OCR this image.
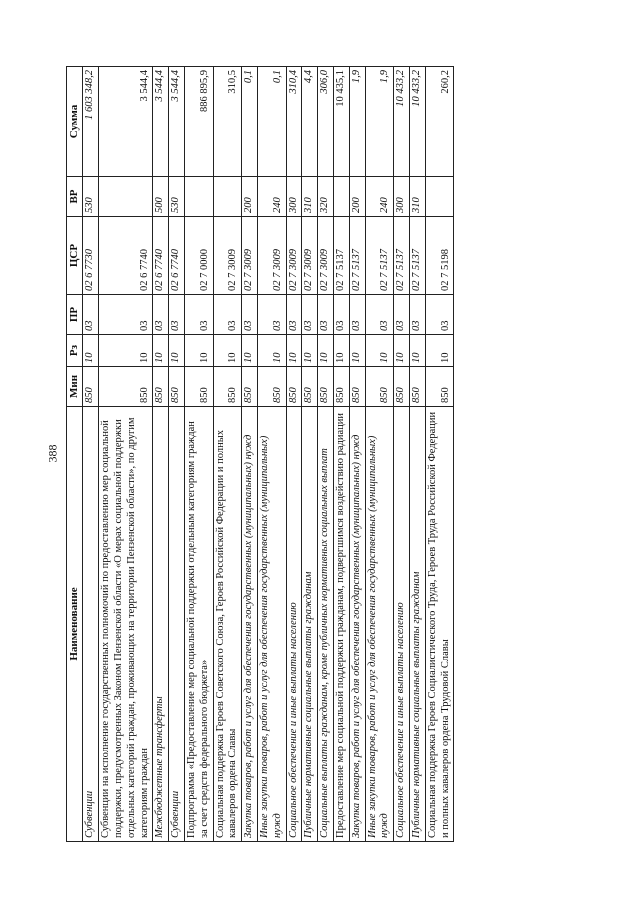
388
Наименование	Мин	Рз	ПР	ЦСР	ВР	Сумма
Субвенции	850	10	03	02 6 7730	530	1 603 348,2
Субвенции на исполнение государственных полномочий по предоставлению мер социальной поддержки, предусмотренных Законом Пензенской области «О мерах социальной поддержки отдельных категорий граждан, проживающих на территории Пензенской области», по другим категориям граждан	850	10	03	02 6 7740		3 544,4
Межбюджетные трансферты	850	10	03	02 6 7740	500	3 544,4
Субвенции	850	10	03	02 6 7740	530	3 544,4
Подпрограмма «Предоставление мер социальной поддержки отдельным категориям граждан за счет средств федерального бюджета»	850	10	03	02 7 0000		886 895,9
Социальная поддержка Героев Советского Союза, Героев Российской Федерации и полных кавалеров ордена Славы	850	10	03	02 7 3009		310,5
Закупка товаров, работ и услуг для обеспечения государственных (муниципальных) нужд	850	10	03	02 7 3009	200	0,1
Иные закупки товаров, работ и услуг для обеспечения государственных (муниципальных) нужд	850	10	03	02 7 3009	240	0,1
Социальное обеспечение и иные выплаты населению	850	10	03	02 7 3009	300	310,4
Публичные нормативные социальные выплаты гражданам	850	10	03	02 7 3009	310	4,4
Социальные выплаты гражданам, кроме публичных нормативных социальных выплат	850	10	03	02 7 3009	320	306,0
Предоставление мер социальной поддержки гражданам, подвергшимся воздействию радиации	850	10	03	02 7 5137		10 435,1
Закупка товаров, работ и услуг для обеспечения государственных (муниципальных) нужд	850	10	03	02 7 5137	200	1,9
Иные закупки товаров, работ и услуг для обеспечения государственных (муниципальных) нужд	850	10	03	02 7 5137	240	1,9
Социальное обеспечение и иные выплаты населению	850	10	03	02 7 5137	300	10 433,2
Публичные нормативные социальные выплаты гражданам	850	10	03	02 7 5137	310	10 433,2
Социальная поддержка Героев Социалистического Труда, Героев Труда Российской Федерации и полных кавалеров ордена Трудовой Славы	850	10	03	02 7 5198		260,2
